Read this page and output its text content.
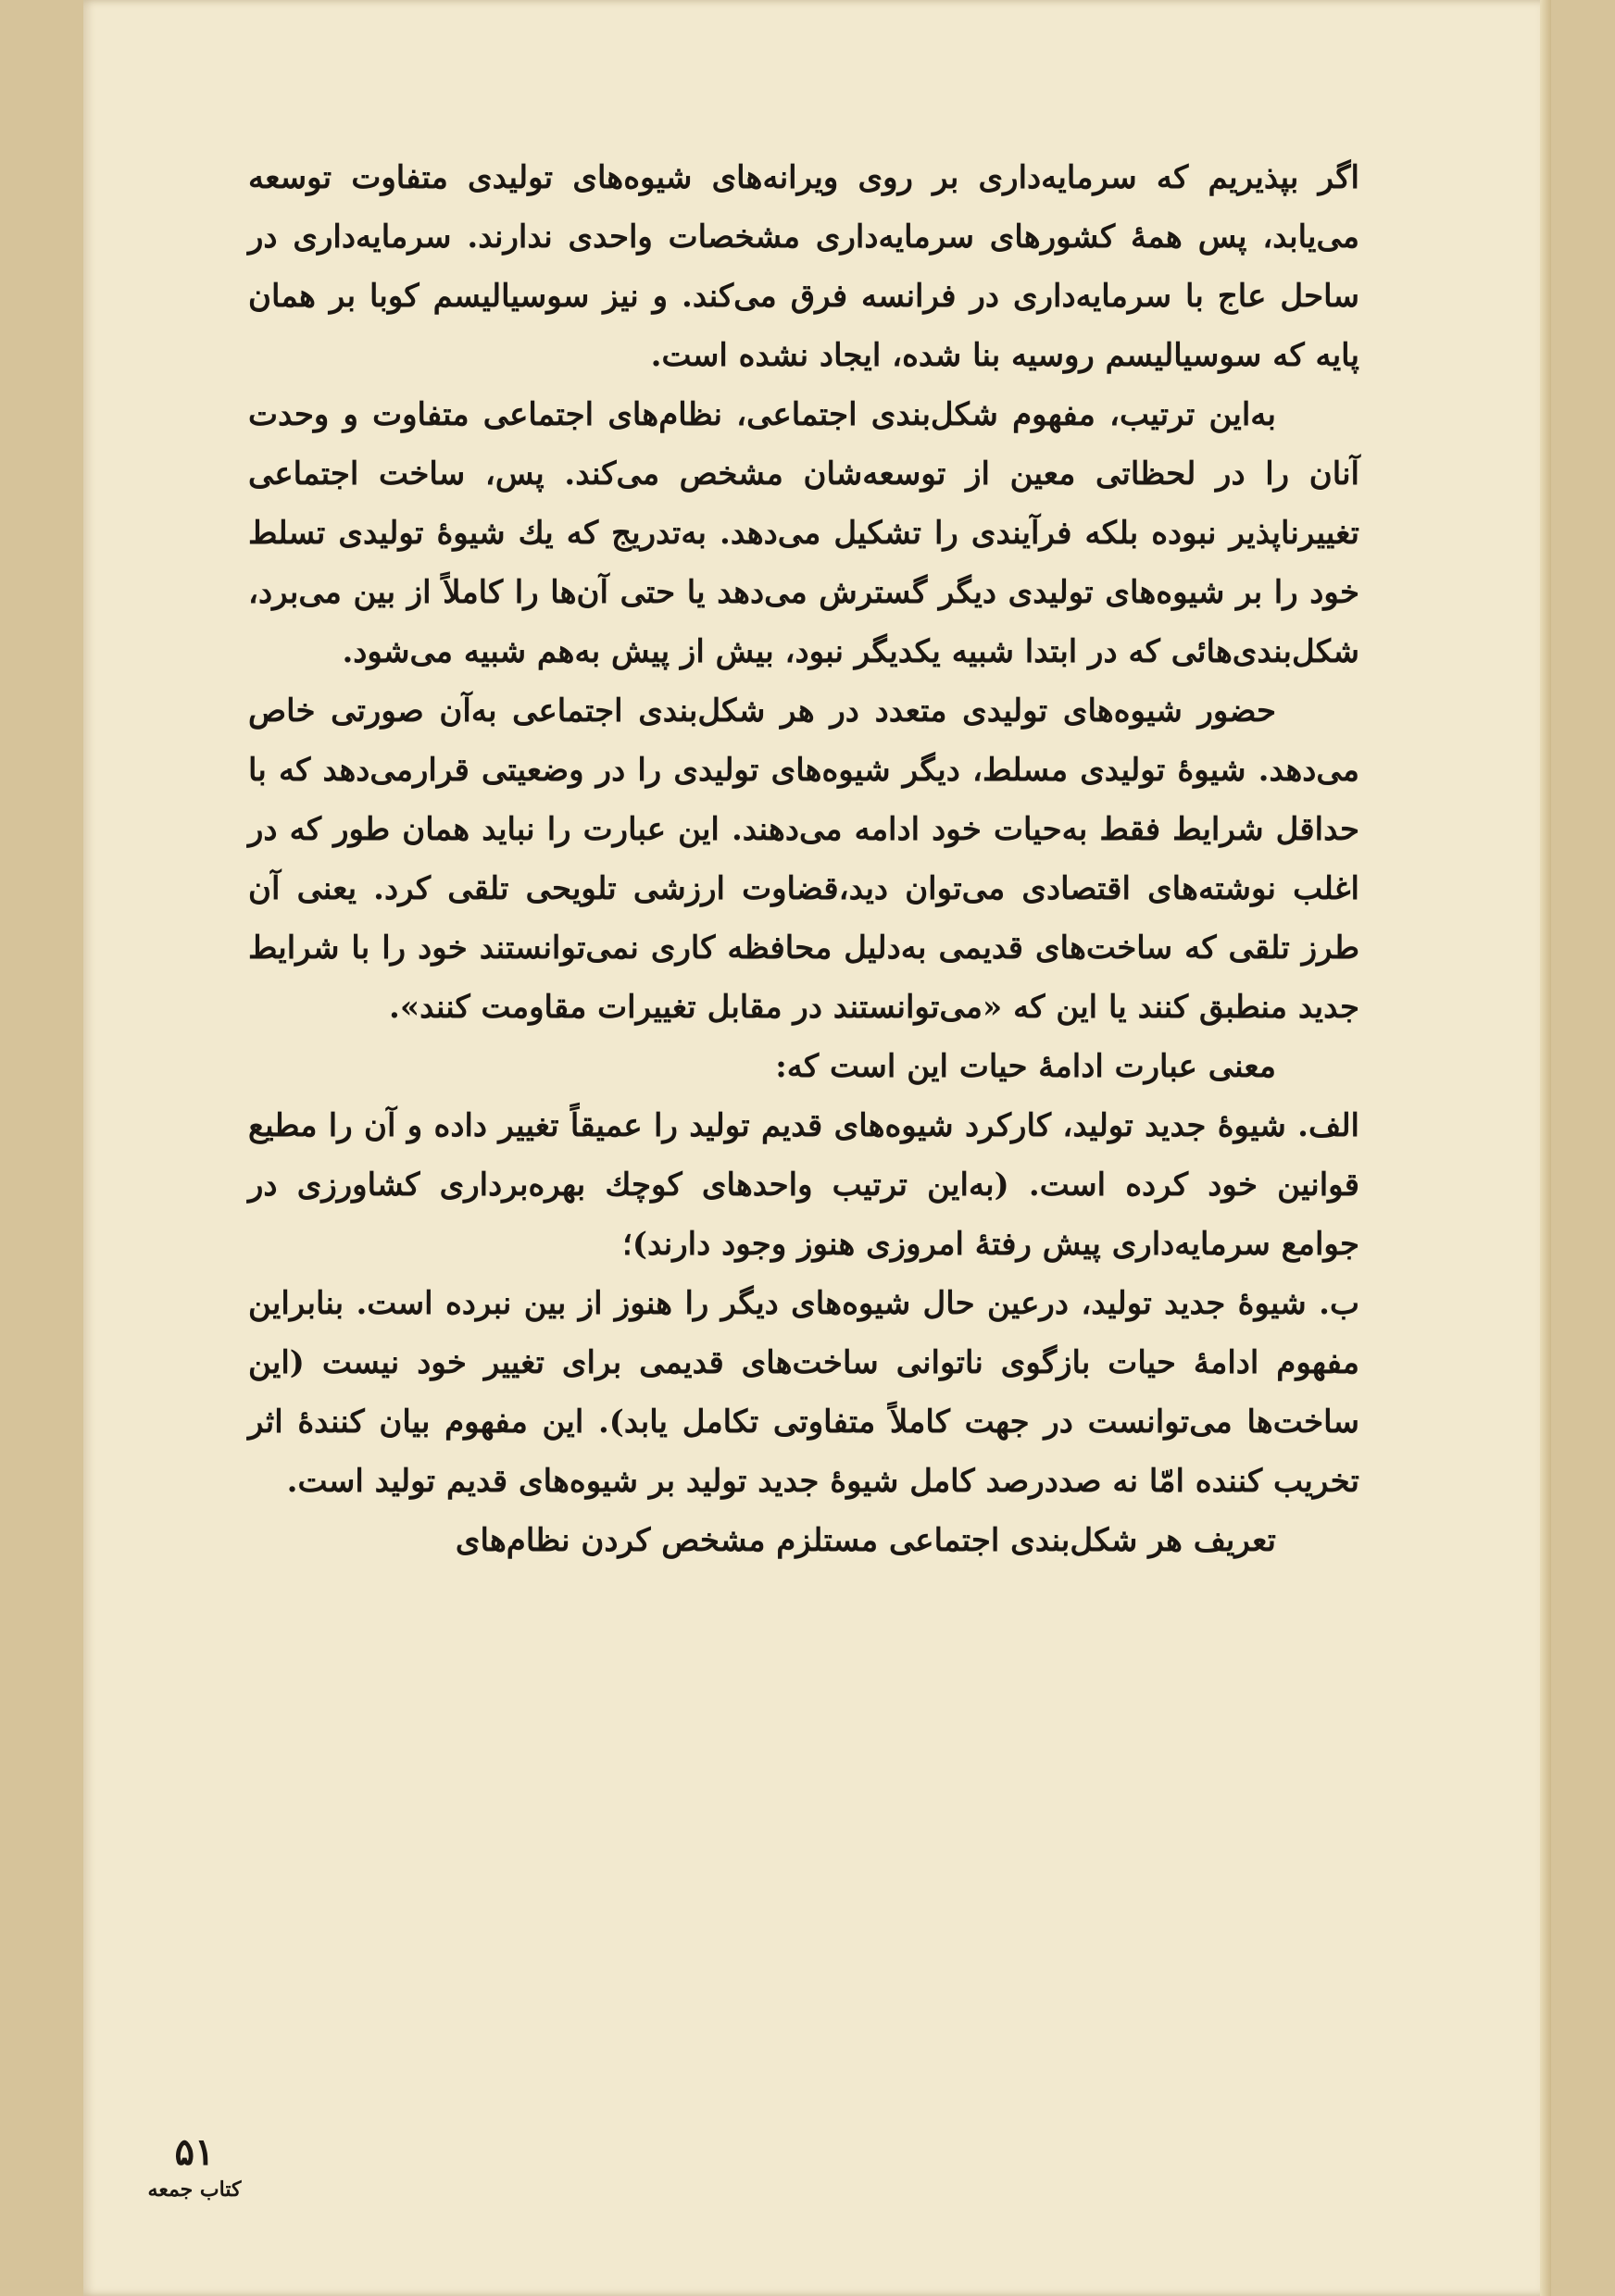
اگر بپذیریم که سرمایه‌داری بر روی ویرانه‌های شیوه‌های تولیدی متفاوت توسعه می‌یابد، پس همهٔ کشورهای سرمایه‌داری مشخصات واحدی ندارند. سرمایه‌داری در ساحل عاج با سرمایه‌داری در فرانسه فرق می‌کند. و نیز سوسیالیسم کوبا بر همان پایه که سوسیالیسم روسیه بنا شده، ایجاد نشده است.

به‌این ترتیب، مفهوم شکل‌بندی اجتماعی، نظام‌های اجتماعی متفاوت و وحدت آنان را در لحظاتی معین از توسعه‌شان مشخص می‌کند. پس، ساخت اجتماعی تغییرناپذیر نبوده بلکه فرآیندی را تشکیل می‌دهد. به‌تدریج که یك شیوهٔ تولیدی تسلط خود را بر شیوه‌های تولیدی دیگر گسترش می‌دهد یا حتی آن‌ها را کاملاً از بین می‌برد، شکل‌بندی‌هائی که در ابتدا شبیه یکدیگر نبود، بیش از پیش به‌هم شبیه می‌شود.

حضور شیوه‌های تولیدی متعدد در هر شکل‌بندی اجتماعی به‌آن صورتی خاص می‌دهد. شیوهٔ تولیدی مسلط، دیگر شیوه‌های تولیدی را در وضعیتی قرارمی‌دهد که با حداقل شرایط فقط به‌حیات خود ادامه می‌دهند. این عبارت را نباید همان طور که در اغلب نوشته‌های اقتصادی می‌توان دید،قضاوت ارزشی تلویحی تلقی کرد. یعنی آن طرز تلقی که ساخت‌های قدیمی به‌دلیل محافظه کاری نمی‌توانستند خود را با شرایط جدید منطبق کنند یا این که «می‌توانستند در مقابل تغییرات مقاومت کنند».

معنی عبارت ادامهٔ حیات این است که:

الف. شیوهٔ جدید تولید، کارکرد شیوه‌های قدیم تولید را عمیقاً تغییر داده و آن را مطیع قوانین خود کرده است. (به‌این ترتیب واحدهای کوچك بهره‌برداری کشاورزی در جوامع سرمایه‌داری پیش رفتهٔ امروزی هنوز وجود دارند)؛

ب. شیوهٔ جدید تولید، درعین حال شیوه‌های دیگر را هنوز از بین نبرده است. بنابراین مفهوم ادامهٔ حیات بازگوی ناتوانی ساخت‌های قدیمی برای تغییر خود نیست (این ساخت‌ها می‌توانست در جهت کاملاً متفاوتی تکامل یابد). این مفهوم بیان کنندهٔ اثر تخریب کننده امّا نه صددرصد کامل شیوهٔ جدید تولید بر شیوه‌های قدیم تولید است.

تعریف هر شکل‌بندی اجتماعی مستلزم مشخص کردن نظام‌های

۵۱
کتاب جمعه
